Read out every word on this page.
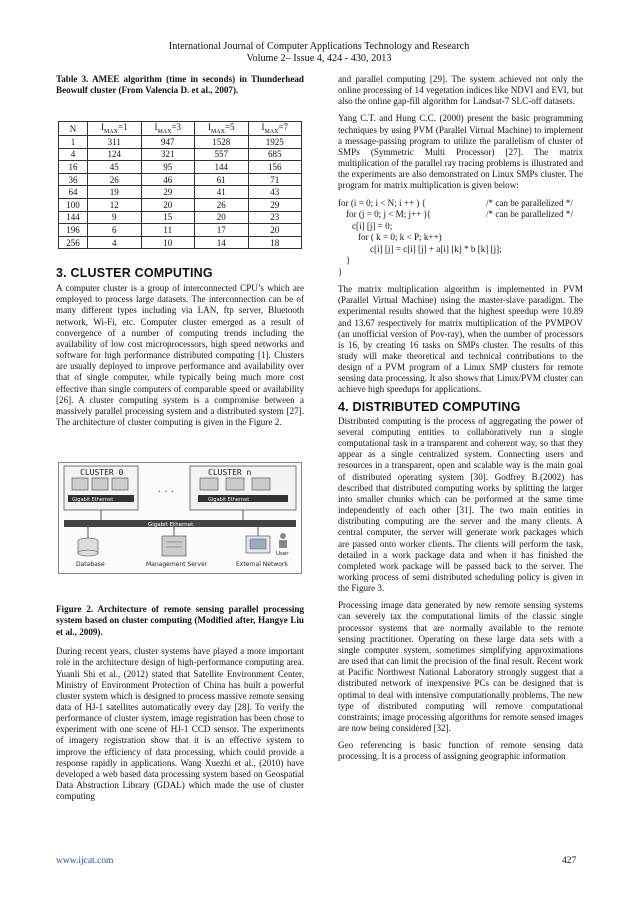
International Journal of Computer Applications Technology and Research
Volume 2– Issue 4, 424 - 430, 2013
Table 3. AMEE algorithm (time in seconds) in Thunderhead Beowulf cluster (From Valencia D. et al., 2007).
N	$I_{MAX}=1$	$I_{MAX}=3$	$I_{MAX}=5$	$I_{MAX}=7$
1	311	947	1528	1925
4	124	321	557	685
16	45	95	144	156
36	26	46	61	71
64	19	29	41	43
100	12	20	26	29
144	9	15	20	23
196	6	11	17	20
256	4	10	14	18
3. CLUSTER COMPUTING

A computer cluster is a group of interconnected CPU’s which are employed to process large datasets. The interconnection can be of many different types including via LAN, ftp server, Bluetooth network, Wi-Fi, etc. Computer cluster emerged as a result of convergence of a number of computing trends including the availability of low cost microprocessors, high speed networks and software for high performance distributed computing [1]. Clusters are usually deployed to improve performance and availability over that of single computer, while typically being much more cost effective than single computers of comparable speed or availability [26]. A cluster computing system is a compromise between a massively parallel processing system and a distributed system [27]. The architecture of cluster computing is given in the Figure 2.

CLUSTER 0
Gigabit Ethernet
CLUSTER n
Gigabit Ethernet
. . .
Gigabit Ethernet
User
Database	Management Server	External Network
Figure 2. Architecture of remote sensing parallel processing system based on cluster computing (Modified after, Hangye Liu et al., 2009).

During recent years, cluster systems have played a more important role in the architecture design of high-performance computing area. Yuanli Shi et al., (2012) stated that Satellite Environment Center, Ministry of Environment Protection of China has built a powerful cluster system which is designed to process massive remote sensing data of HJ-1 satellites automatically every day [28]. To verify the performance of cluster system, image registration has been chose to experiment with one scene of HJ-1 CCD sensor. The experiments of imagery registration show that it is an effective system to improve the efficiency of data processing, which could provide a response rapidly in applications. Wang Xuezhi et al., (2010) have developed a web based data processing system based on Geospatial Data Abstraction Library (GDAL) which made the use of cluster computing

and parallel computing [29]. The system achieved not only the online processing of 14 vegetation indices like NDVI and EVI, but also the online gap-fill algorithm for Landsat-7 SLC-off datasets.

Yang C.T. and Hung C.C. (2000) present the basic programming techniques by using PVM (Parallel Virtual Machine) to implement a message-passing program to utilize the parallelism of cluster of SMPs (Symmetric Multi Processor) [27]. The matrix multiplication of the parallel ray tracing problems is illustrated and the experiments are also demonstrated on Linux SMPs cluster. The program for matrix multiplication is given below:

for (i = 0; i < N; i ++ ) {	/* can be parallelized */
for (j = 0; j < M; j++ ){	/* can be parallelized */
c[i] [j] = 0;
for ( k = 0; k < P; k++)
c[i] [j] = c[i] [j] + a[i] [k] * b [k] [j];
}
}

The matrix multiplication algorithm is implemented in PVM (Parallel Virtual Machine) using the master-slave paradigm. The experimental results showed that the highest speedup were 10.89 and 13.67 respectively for matrix multiplication of the PVMPOV (an unofficial version of Pov-ray), when the number of processors is 16, by creating 16 tasks on SMPs cluster. The results of this study will make theoretical and technical contributions to the design of a PVM program of a Linux SMP clusters for remote sensing data processing. It also shows that Linux/PVM cluster can achieve high speedups for applications.

4. DISTRIBUTED COMPUTING

Distributed computing is the process of aggregating the power of several computing entities to collaboratively run a single computational task in a transparent and coherent way, so that they appear as a single centralized system. Connecting users and resources in a transparent, open and scalable way is the main goal of distributed operating system [30]. Godfrey B.(2002) has described that distributed computing works by splitting the larger into smaller chunks which can be performed at the same time independently of each other [31]. The two main entities in distributing computing are the server and the many clients. A central computer, the server will generate work packages which are passed onto worker clients. The clients will perform the task, detailed in a work package data and when it has finished the completed work package will be passed back to the server. The working process of semi distributed scheduling policy is given in the Figure 3.

Processing image data generated by new remote sensing systems can severely tax the computational limits of the classic single processor systems that are normally available to the remote sensing practitioner. Operating on these large data sets with a single computer system, sometimes simplifying approximations are used that can limit the precision of the final result. Recent work at Pacific Northwest National Laboratory strongly suggest that a distributed network of inexpensive PCs can be designed that is optimal to deal with intensive computationally problems. The new type of distributed computing will remove computational constraints; image processing algorithms for remote sensed images are now being considered [32].

Geo referencing is basic function of remote sensing data processing. It is a process of assigning geographic information

www.ijcat.com	427
